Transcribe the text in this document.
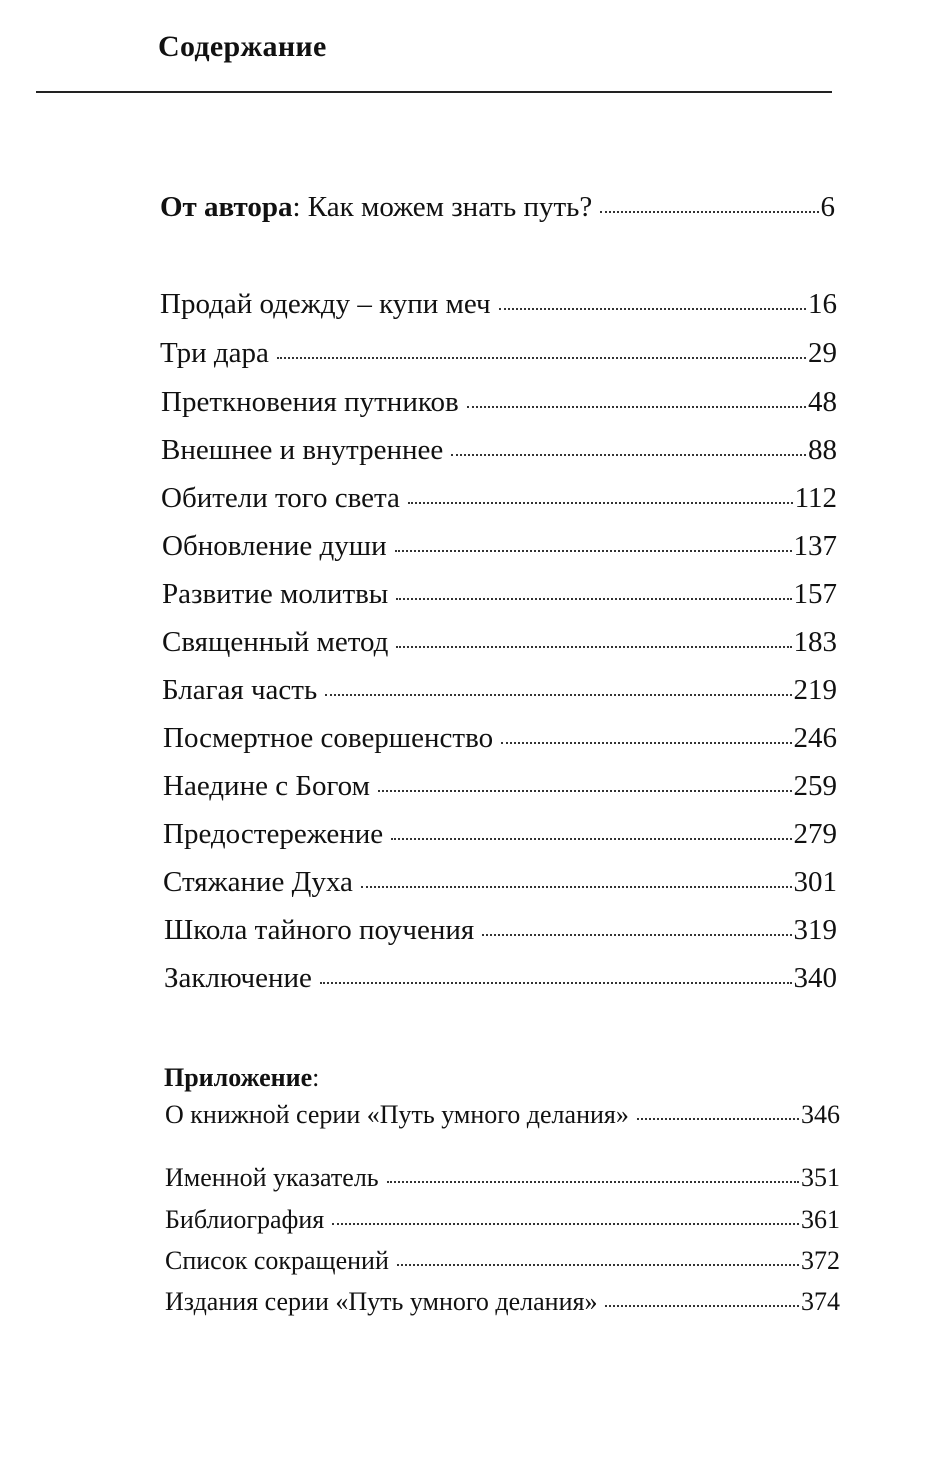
Содержание
От автора: Как можем знать путь?	6
Продай одежду – купи меч	16
Три дара	29
Преткновения путников	48
Внешнее и внутреннее	88
Обители того света	112
Обновление души	137
Развитие молитвы	157
Священный метод	183
Благая часть	219
Посмертное совершенство	246
Наедине с Богом	259
Предостережение	279
Стяжание Духа	301
Школа тайного поучения	319
Заключение	340
Приложение:
О книжной серии «Путь умного делания»	346
Именной указатель	351
Библиография	361
Список сокращений	372
Издания серии «Путь умного делания»	374
